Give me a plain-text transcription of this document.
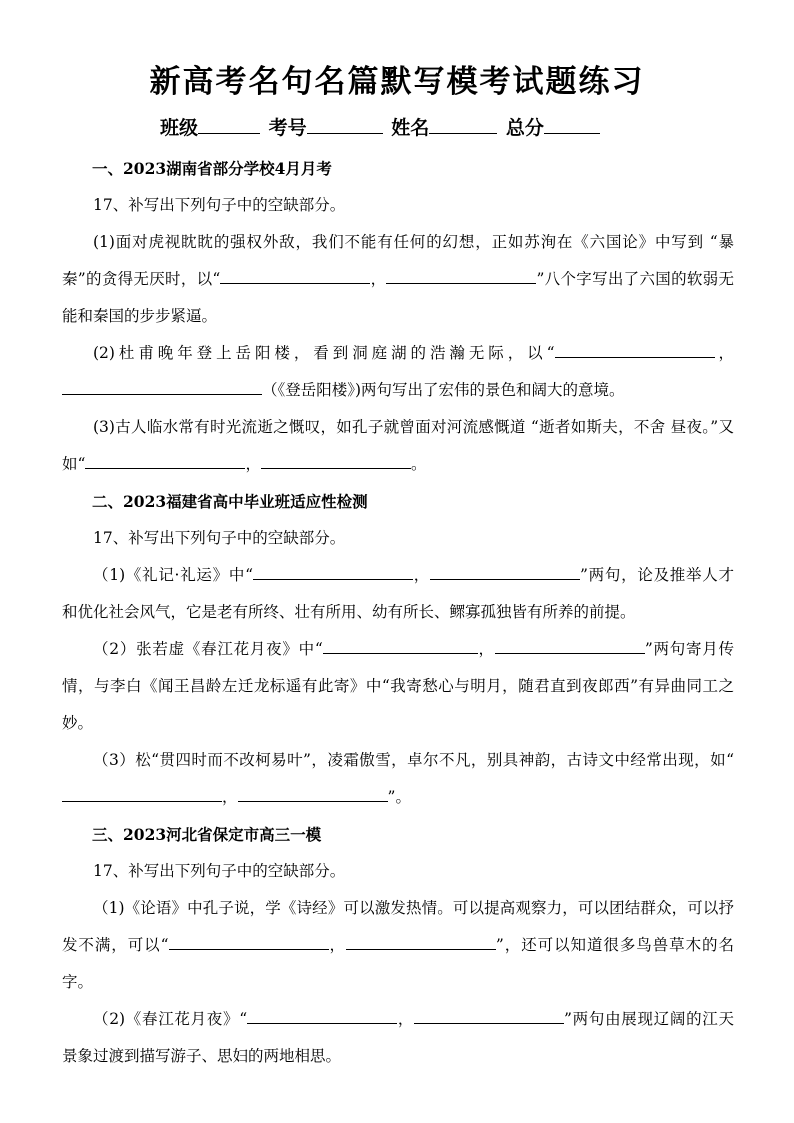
新高考名句名篇默写模考试题练习
班级	考号	姓名	总分

一、2023湖南省部分学校4月月考

17、补写出下列句子中的空缺部分。

(1)面对虎视眈眈的强权外敌，我们不能有任何的幻想，正如苏洵在《六国论》中写到 “暴秦”的贪得无厌时，以“	，	”八个字写出了六国的软弱无能和秦国的步步紧逼。

(2)杜甫晚年登上岳阳楼，看到洞庭湖的浩瀚无际，以“	，（《登岳阳楼》)两句写出了宏伟的景色和阔大的意境。

(3)古人临水常有时光流逝之慨叹，如孔子就曾面对河流感慨道 “逝者如斯夫，不舍 昼夜。”又如“	，	。

二、2023福建省高中毕业班适应性检测

17、补写出下列句子中的空缺部分。

（1)《礼记·礼运》中“	，	”两句，论及推举人才和优化社会风气，它是老有所终、壮有所用、幼有所长、鳏寡孤独皆有所养的前提。

（2）张若虚《春江花月夜》中“	，	”两句寄月传情，与李白《闻王昌龄左迁龙标遥有此寄》中“我寄愁心与明月，随君直到夜郎西”有异曲同工之妙。

（3）松“贯四时而不改柯易叶”，凌霜傲雪，卓尔不凡，别具神韵，古诗文中经常出现，如“，	”。

三、2023河北省保定市高三一模

17、补写出下列句子中的空缺部分。

（1)《论语》中孔子说，学《诗经》可以激发热情。可以提高观察力，可以团结群众，可以抒发不满，可以“	，	”，还可以知道很多鸟兽草木的名字。

（2)《春江花月夜》“	，	”两句由展现辽阔的江天景象过渡到描写游子、思妇的两地相思。
